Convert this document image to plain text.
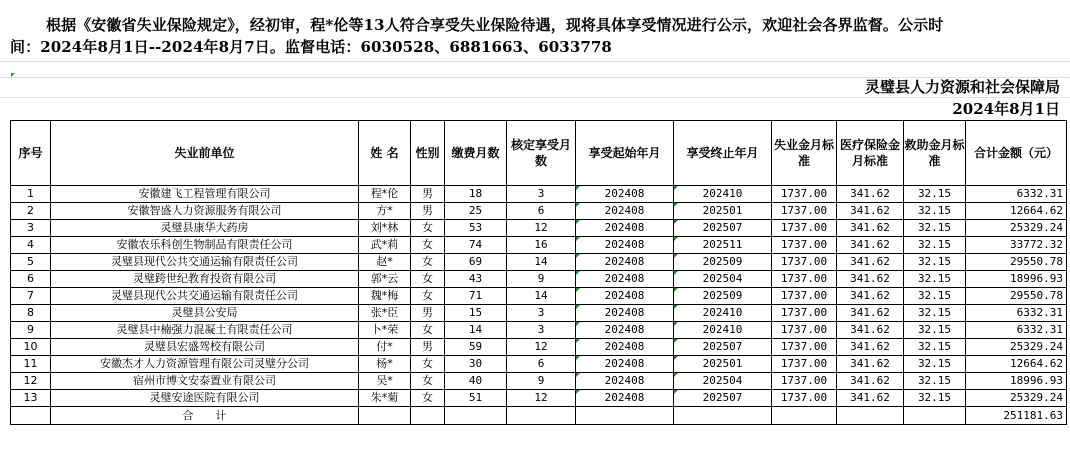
根据《安徽省失业保险规定》，经初审，程*伦等13人符合享受失业保险待遇，现将具体享受情况进行公示，欢迎社会各界监督。公示时
间：2024年8月1日--2024年8月7日。监督电话：6030528、6881663、6033778
灵璧县人力资源和社会保障局
2024年8月1日
序号	失业前单位	姓 名	性别	缴费月数	核定享受月数	享受起始年月	享受终止年月	失业金月标准	医疗保险金月标准	救助金月标准	合计金额（元）
1	安徽建飞工程管理有限公司	程*伦	男	18	3	202408	202410	1737.00	341.62	32.15	6332.31
2	安徽智盛人力资源服务有限公司	方*	男	25	6	202408	202501	1737.00	341.62	32.15	12664.62
3	灵璧县康华大药房	刘*林	女	53	12	202408	202507	1737.00	341.62	32.15	25329.24
4	安徽农乐科创生物制品有限责任公司	武*莉	女	74	16	202408	202511	1737.00	341.62	32.15	33772.32
5	灵璧县现代公共交通运输有限责任公司	赵*	女	69	14	202408	202509	1737.00	341.62	32.15	29550.78
6	灵璧跨世纪教育投资有限公司	郭*云	女	43	9	202408	202504	1737.00	341.62	32.15	18996.93
7	灵璧县现代公共交通运输有限责任公司	魏*梅	女	71	14	202408	202509	1737.00	341.62	32.15	29550.78
8	灵璧县公安局	张*臣	男	15	3	202408	202410	1737.00	341.62	32.15	6332.31
9	灵璧县中楠强力混凝土有限责任公司	卜*荣	女	14	3	202408	202410	1737.00	341.62	32.15	6332.31
10	灵璧县宏盛驾校有限公司	付*	男	59	12	202408	202507	1737.00	341.62	32.15	25329.24
11	安徽杰才人力资源管理有限公司灵璧分公司	杨*	女	30	6	202408	202501	1737.00	341.62	32.15	12664.62
12	宿州市博文安泰置业有限公司	吴*	女	40	9	202408	202504	1737.00	341.62	32.15	18996.93
13	灵璧安途医院有限公司	朱*菊	女	51	12	202408	202507	1737.00	341.62	32.15	25329.24
	合　　计										251181.63
